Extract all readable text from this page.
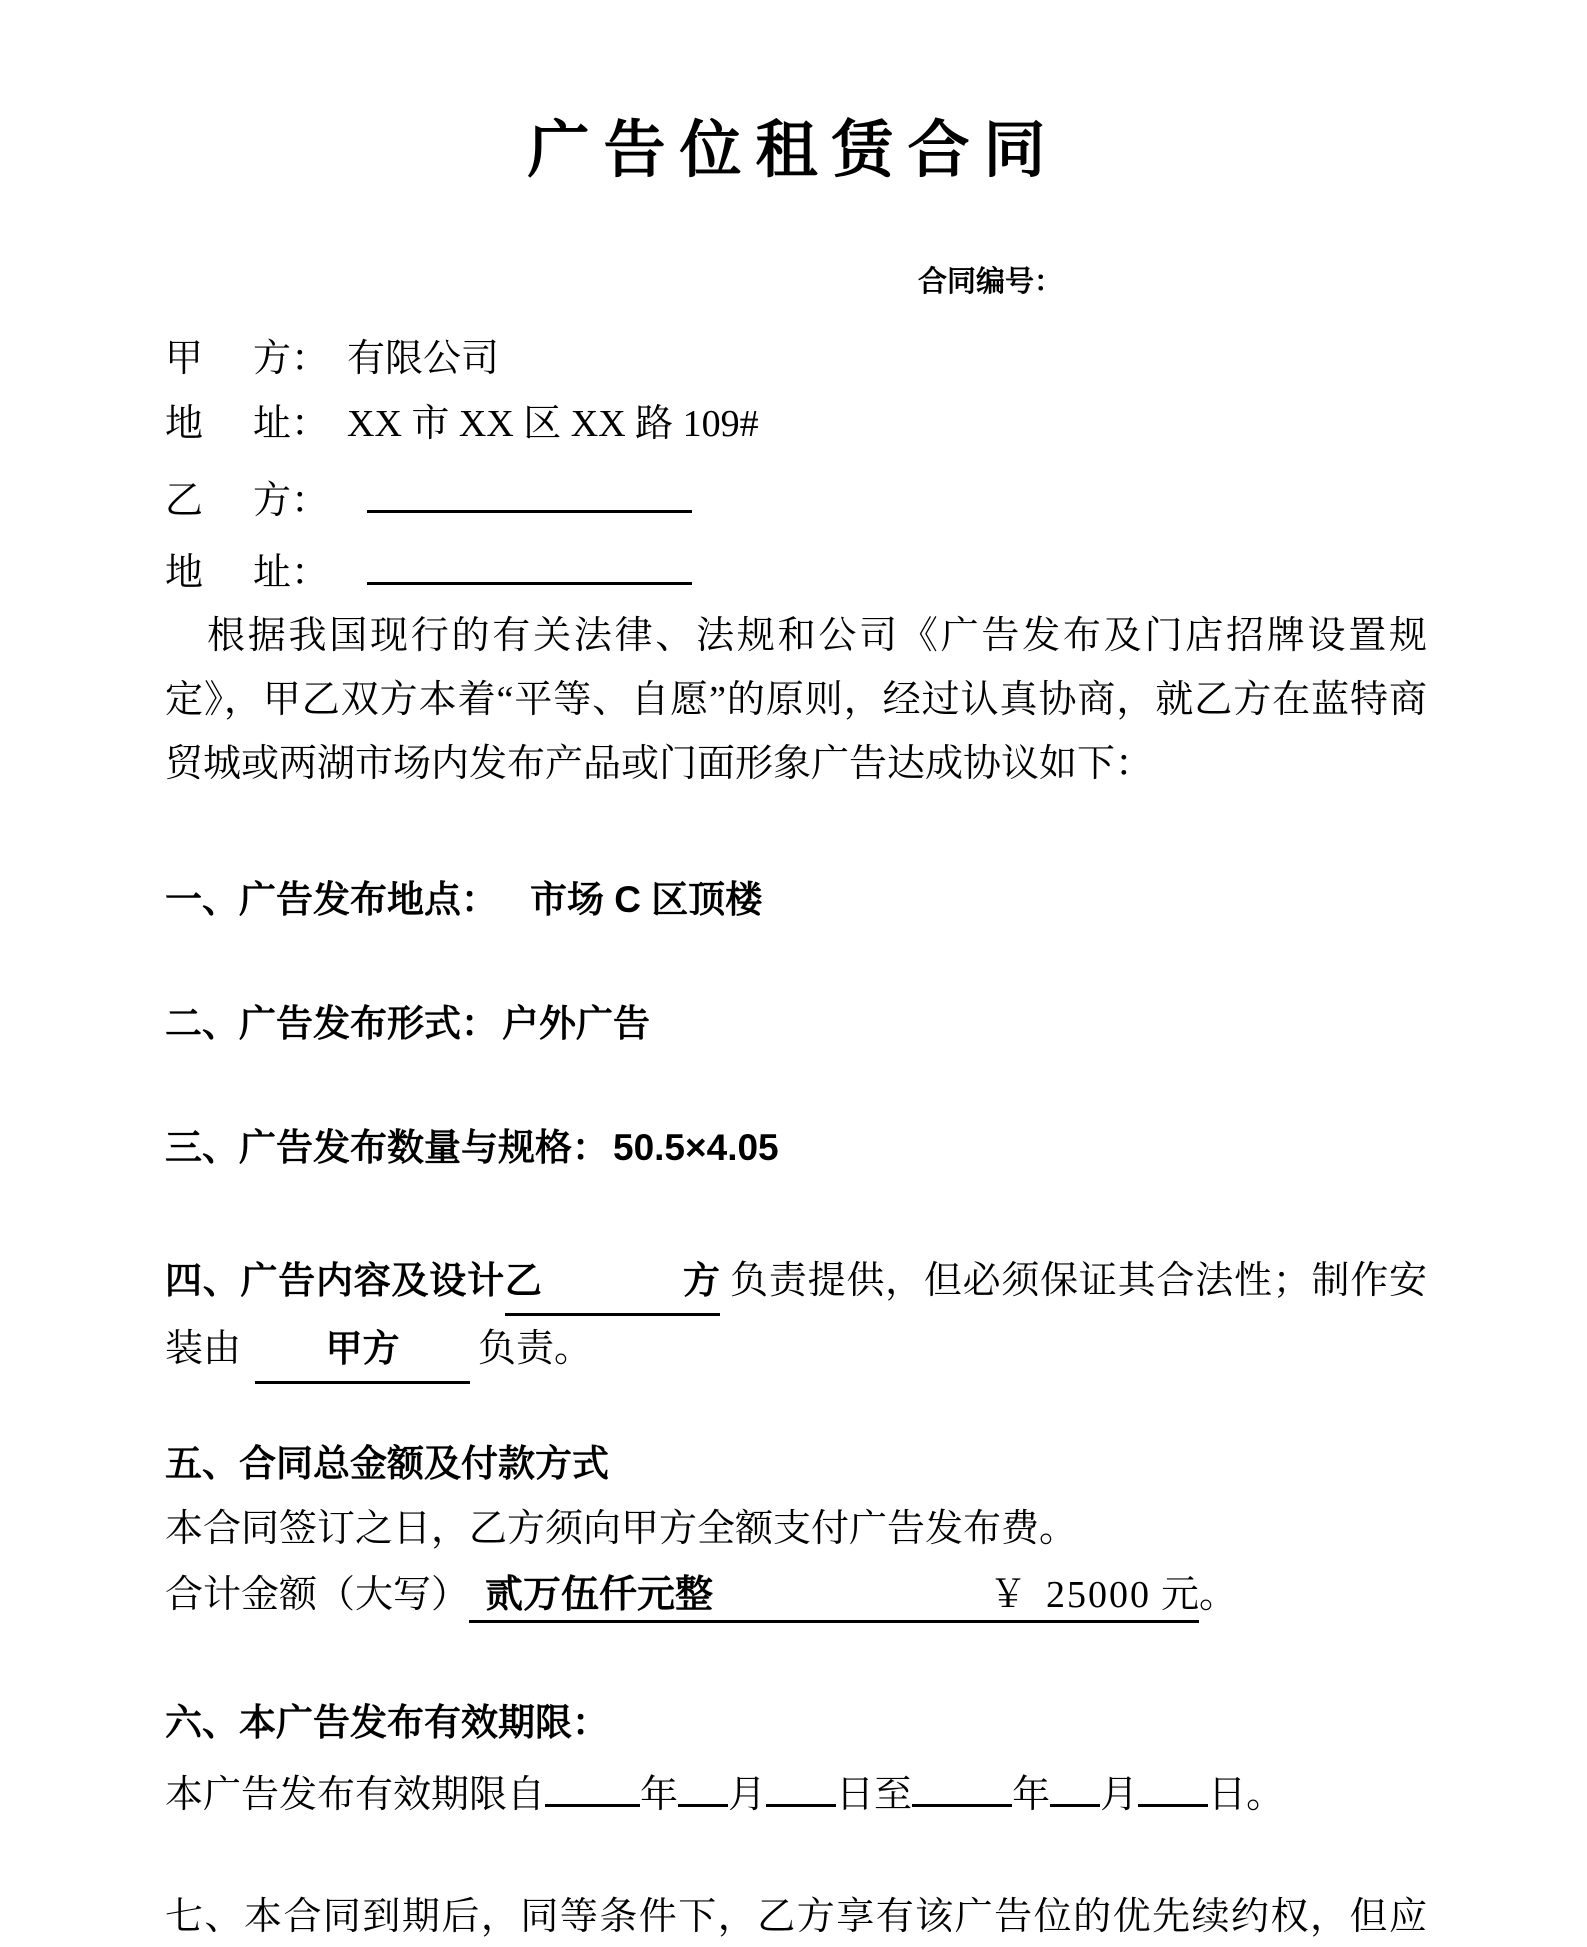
广告位租赁合同
合同编号：
甲 方： 有限公司
地 址： XX 市 XX 区 XX 路 109#
乙 方：
地 址：

根据我国现行的有关法律、法规和公司《广告发布及门店招牌设置规定》，甲乙双方本着“平等、自愿”的原则，经过认真协商，就乙方在蓝特商贸城或两湖市场内发布产品或门面形象广告达成协议如下：

一、广告发布地点： 市场 C 区顶楼
二、广告发布形式： 户外广告
三、广告发布数量与规格： 50.5×4.05
四、广告内容及设计乙方 负责提供，但必须保证其合法性；制作安
装由 甲方 负责。
五、合同总金额及付款方式
本合同签订之日，乙方须向甲方全额支付广告发布费。
合计金额（大写） 贰万伍仟元整	￥
25000 元 。
六、本广告发布有效期限：
本广告发布有效期限自	年 月 日至	年 月 日。
七、本合同到期后，同等条件下，乙方享有该广告位的优先续约权，但应
